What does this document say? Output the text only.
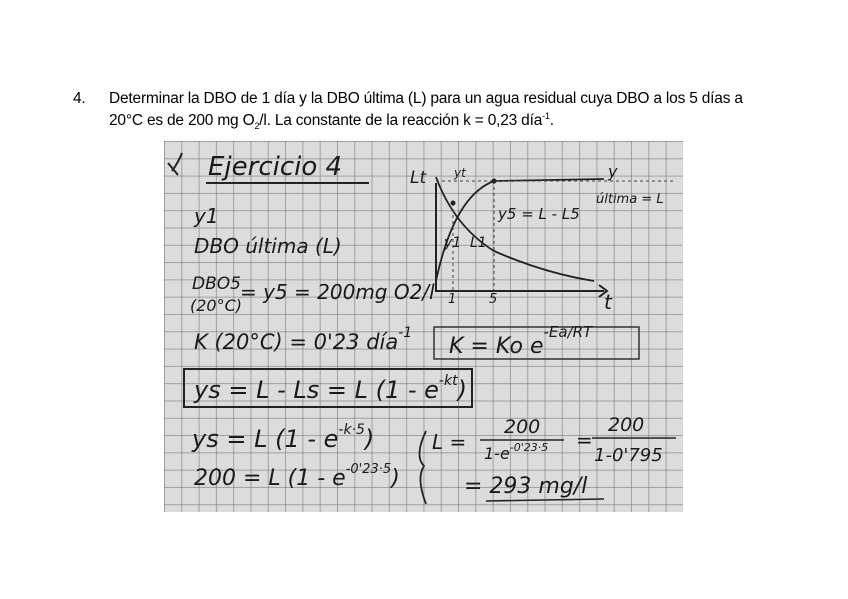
4. Determinar la DBO de 1 día y la DBO última (L) para un agua residual cuya DBO a los 5 días a
20°C es de 200 mg $O_2/l$. La constante de la reacción k = 0,23 día$^{-1}$.
Ejercicio 4
y1
DBO última (L)
DBO5
(20°C)
= y5 = 200mg O2/l
K (20°C) = 0'23 día$^{-1}$
K = Ko $e^{-Ea/RT}$
ys = L - Ls = L $(1 - e^{-kt})$
ys = L $(1 - e^{-k\cdot 5})$
200 = L $(1 - e^{-0'23\cdot 5})$
L =
200
$1-e^{-0'23\cdot 5}$ =
200
1-0'795
= 293 mg/l
Lt yt
t
1	5
y
última = L
y5 = L - L5
y1 L1
